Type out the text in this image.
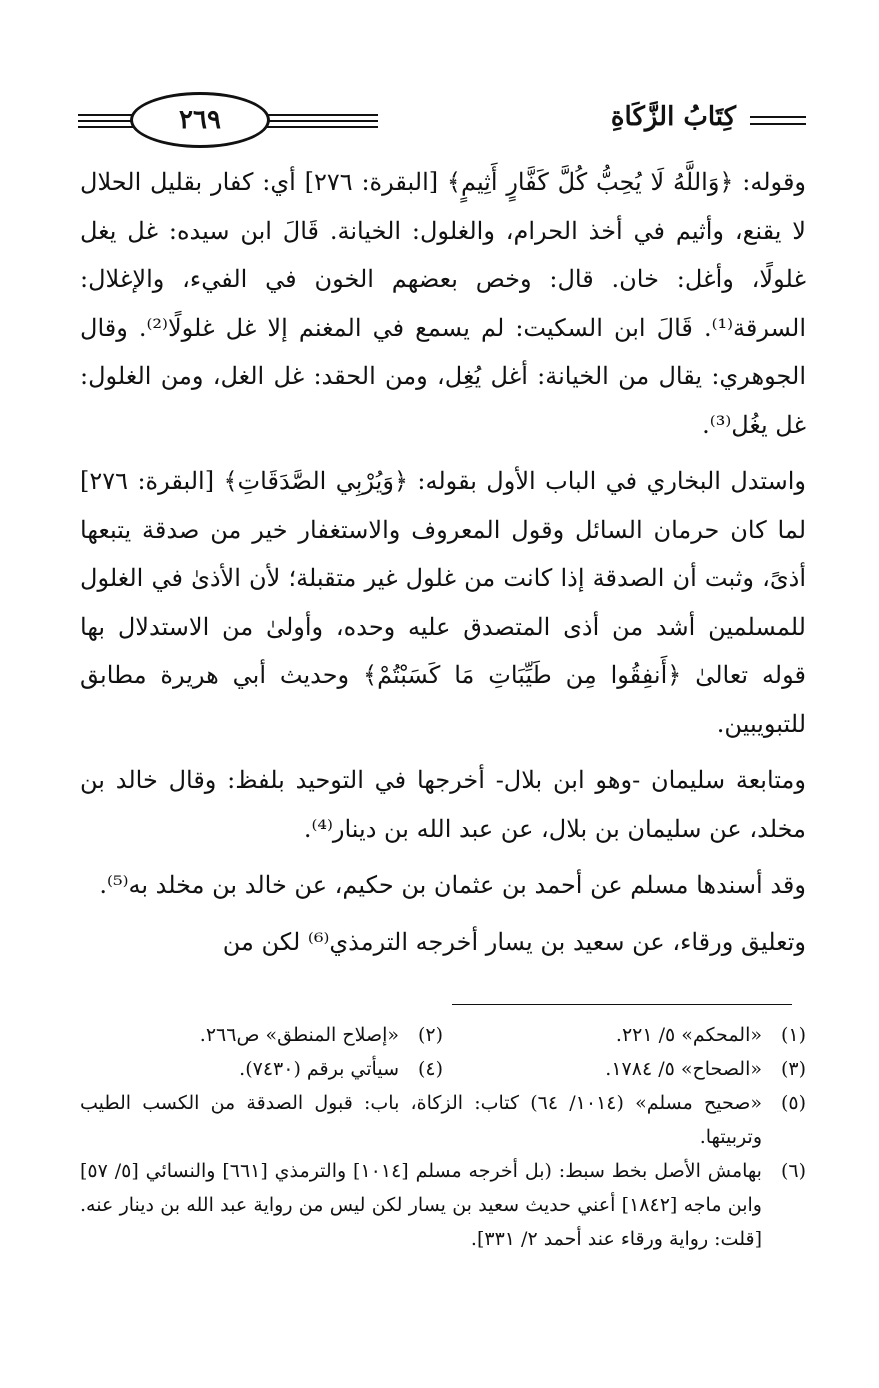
٢٦٩	كِتَابُ الزَّكَاةِ

وقوله: ﴿وَاللَّهُ لَا يُحِبُّ كُلَّ كَفَّارٍ أَثِيمٍ﴾ [البقرة: ٢٧٦] أي: كفار بقليل الحلال لا يقنع، وأثيم في أخذ الحرام، والغلول: الخيانة. قَالَ ابن سيده: غل يغل غلولًا، وأغل: خان. قال: وخص بعضهم الخون في الفيء، والإغلال: السرقة⁽¹⁾. قَالَ ابن السكيت: لم يسمع في المغنم إلا غل غلولًا⁽²⁾. وقال الجوهري: يقال من الخيانة: أغل يُغِل، ومن الحقد: غل الغل، ومن الغلول: غل يغُل⁽³⁾.

واستدل البخاري في الباب الأول بقوله: ﴿وَيُرْبِي الصَّدَقَاتِ﴾ [البقرة: ٢٧٦] لما كان حرمان السائل وقول المعروف والاستغفار خير من صدقة يتبعها أذىً، وثبت أن الصدقة إذا كانت من غلول غير متقبلة؛ لأن الأذىٰ في الغلول للمسلمين أشد من أذى المتصدق عليه وحده، وأولىٰ من الاستدلال بها قوله تعالىٰ ﴿أَنفِقُوا مِن طَيِّبَاتِ مَا كَسَبْتُمْ﴾ وحديث أبي هريرة مطابق للتبويبين.

ومتابعة سليمان -وهو ابن بلال- أخرجها في التوحيد بلفظ: وقال خالد بن مخلد، عن سليمان بن بلال، عن عبد الله بن دينار⁽⁴⁾.

وقد أسندها مسلم عن أحمد بن عثمان بن حكيم، عن خالد بن مخلد به⁽⁵⁾.

وتعليق ورقاء، عن سعيد بن يسار أخرجه الترمذي⁽⁶⁾ لكن من

(١)
«المحكم» ٥/ ٢٢١.
(٢)
«إصلاح المنطق» ص٢٦٦.
(٣)
«الصحاح» ٥/ ١٧٨٤.
(٤)
سيأتي برقم (٧٤٣٠).
(٥)
«صحيح مسلم» (١٠١٤/ ٦٤) كتاب: الزكاة، باب: قبول الصدقة من الكسب الطيب وتربيتها.
(٦)
بهامش الأصل بخط سبط: (بل أخرجه مسلم [١٠١٤] والترمذي [٦٦١] والنسائي [٥/ ٥٧] وابن ماجه [١٨٤٢] أعني حديث سعيد بن يسار لكن ليس من رواية عبد الله بن دينار عنه. [قلت: رواية ورقاء عند أحمد ٢/ ٣٣١].
